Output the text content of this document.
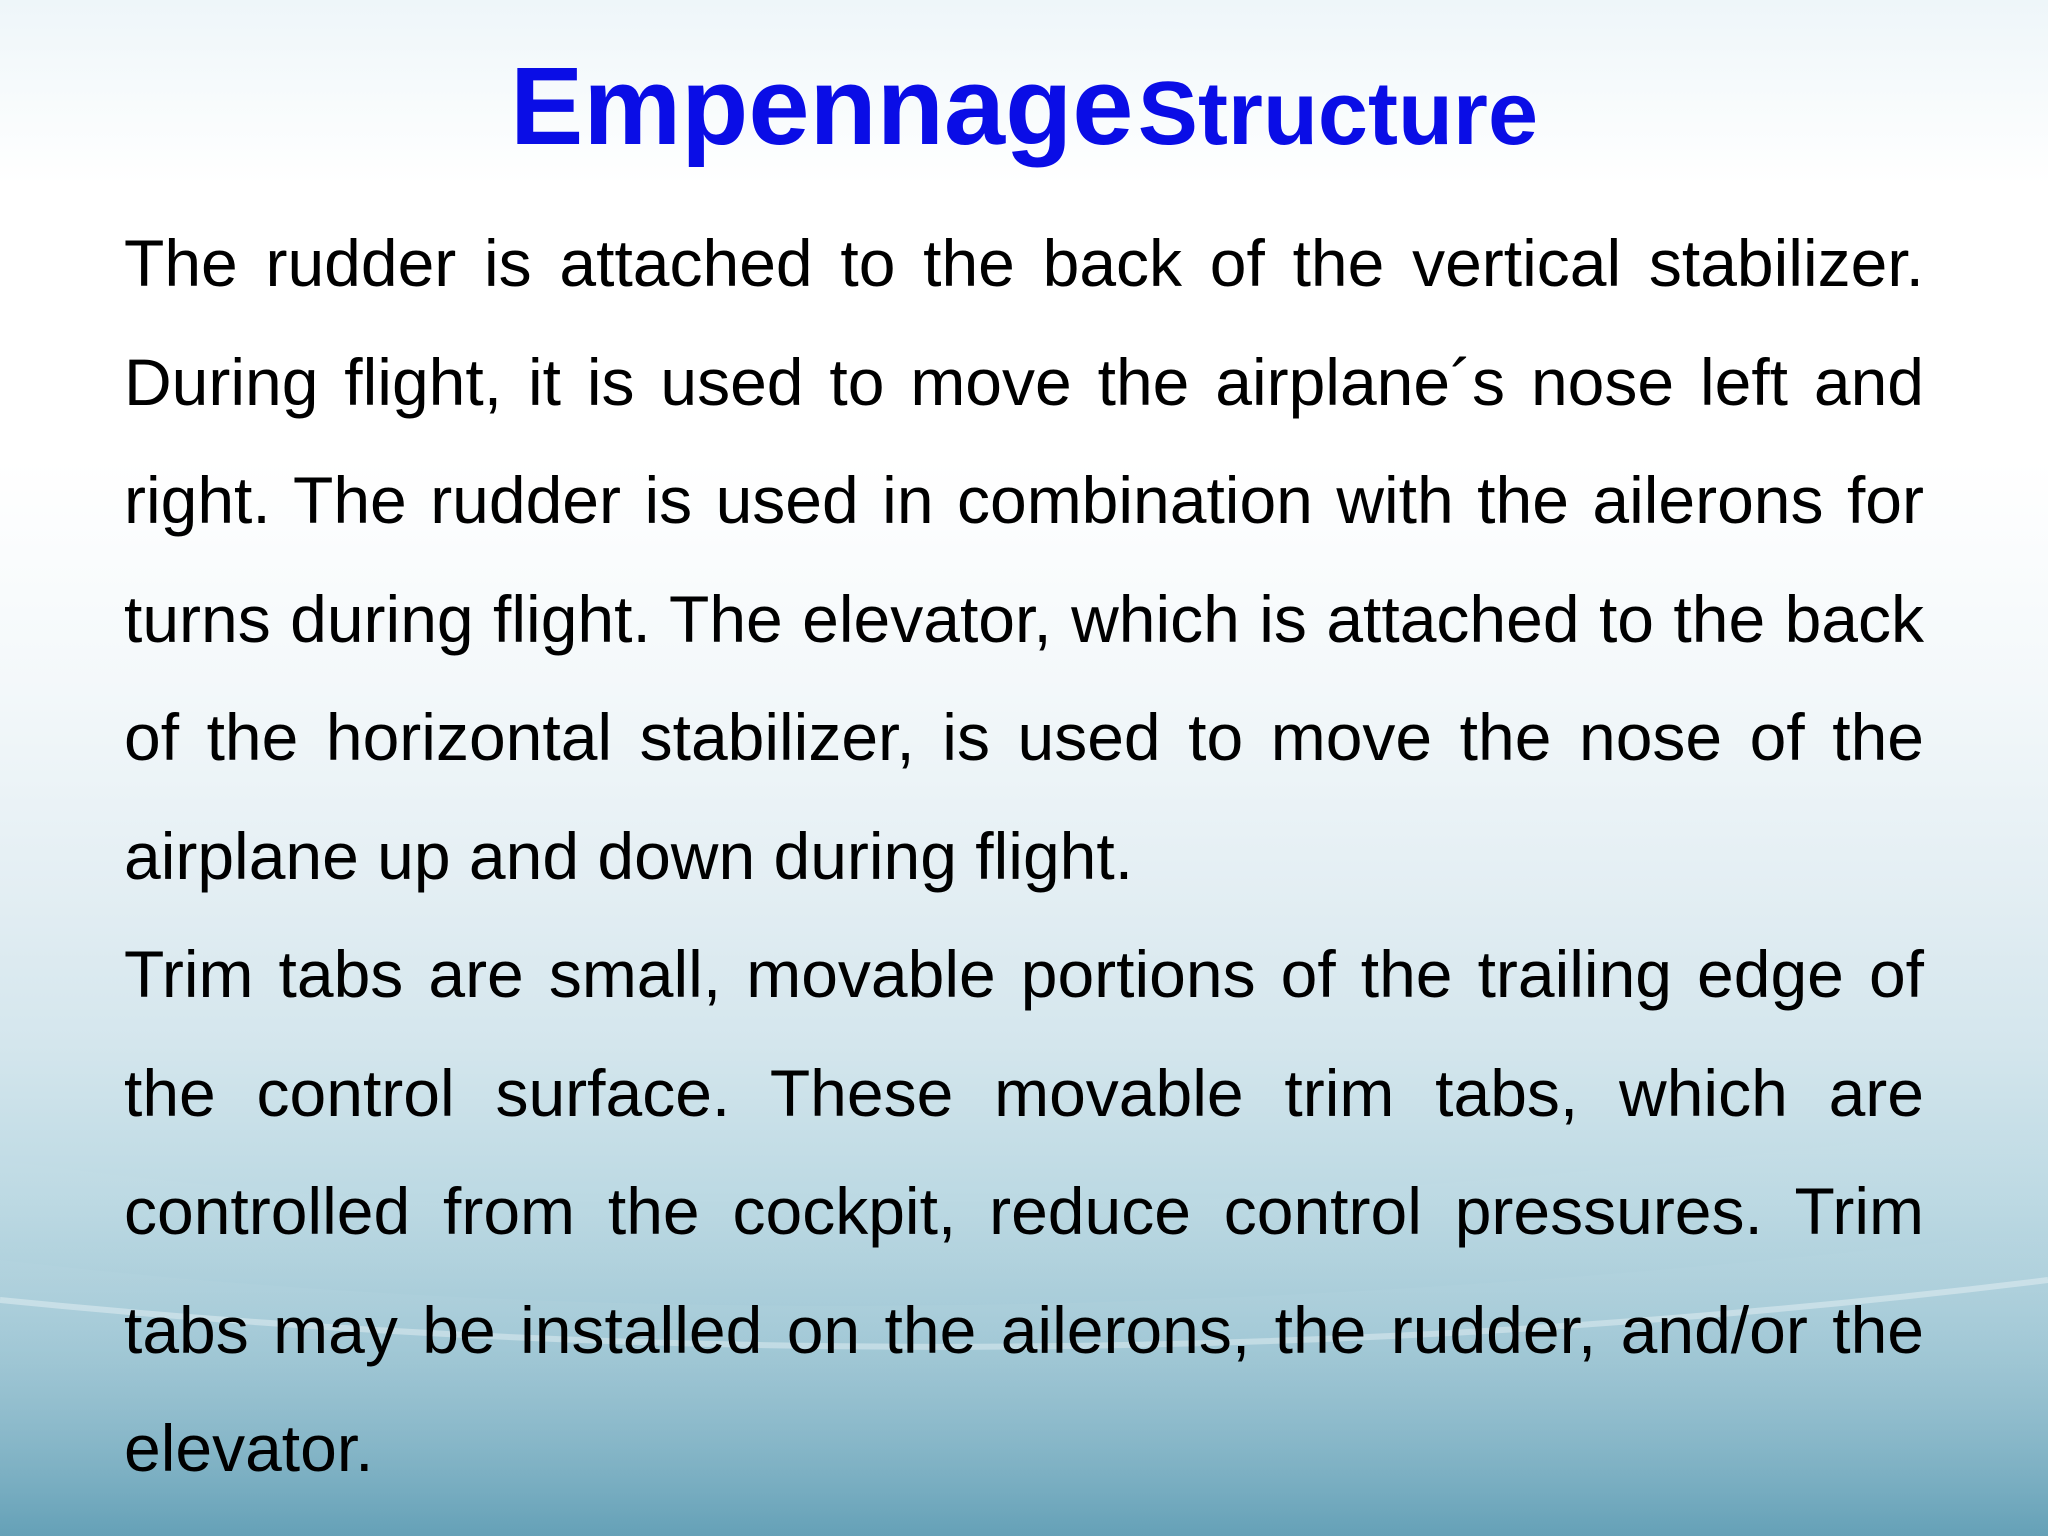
Empennage Structure

The rudder is attached to the back of the vertical stabilizer. During flight, it is used to move the airplane´s nose left and right. The rudder is used in combination with the ailerons for turns during flight. The elevator, which is attached to the back of the horizontal stabilizer, is used to move the nose of the airplane up and down during flight.

Trim tabs are small, movable portions of the trailing edge of the control surface. These movable trim tabs, which are controlled from the cockpit, reduce control pressures. Trim tabs may be installed on the ailerons, the rudder, and/or the elevator.
